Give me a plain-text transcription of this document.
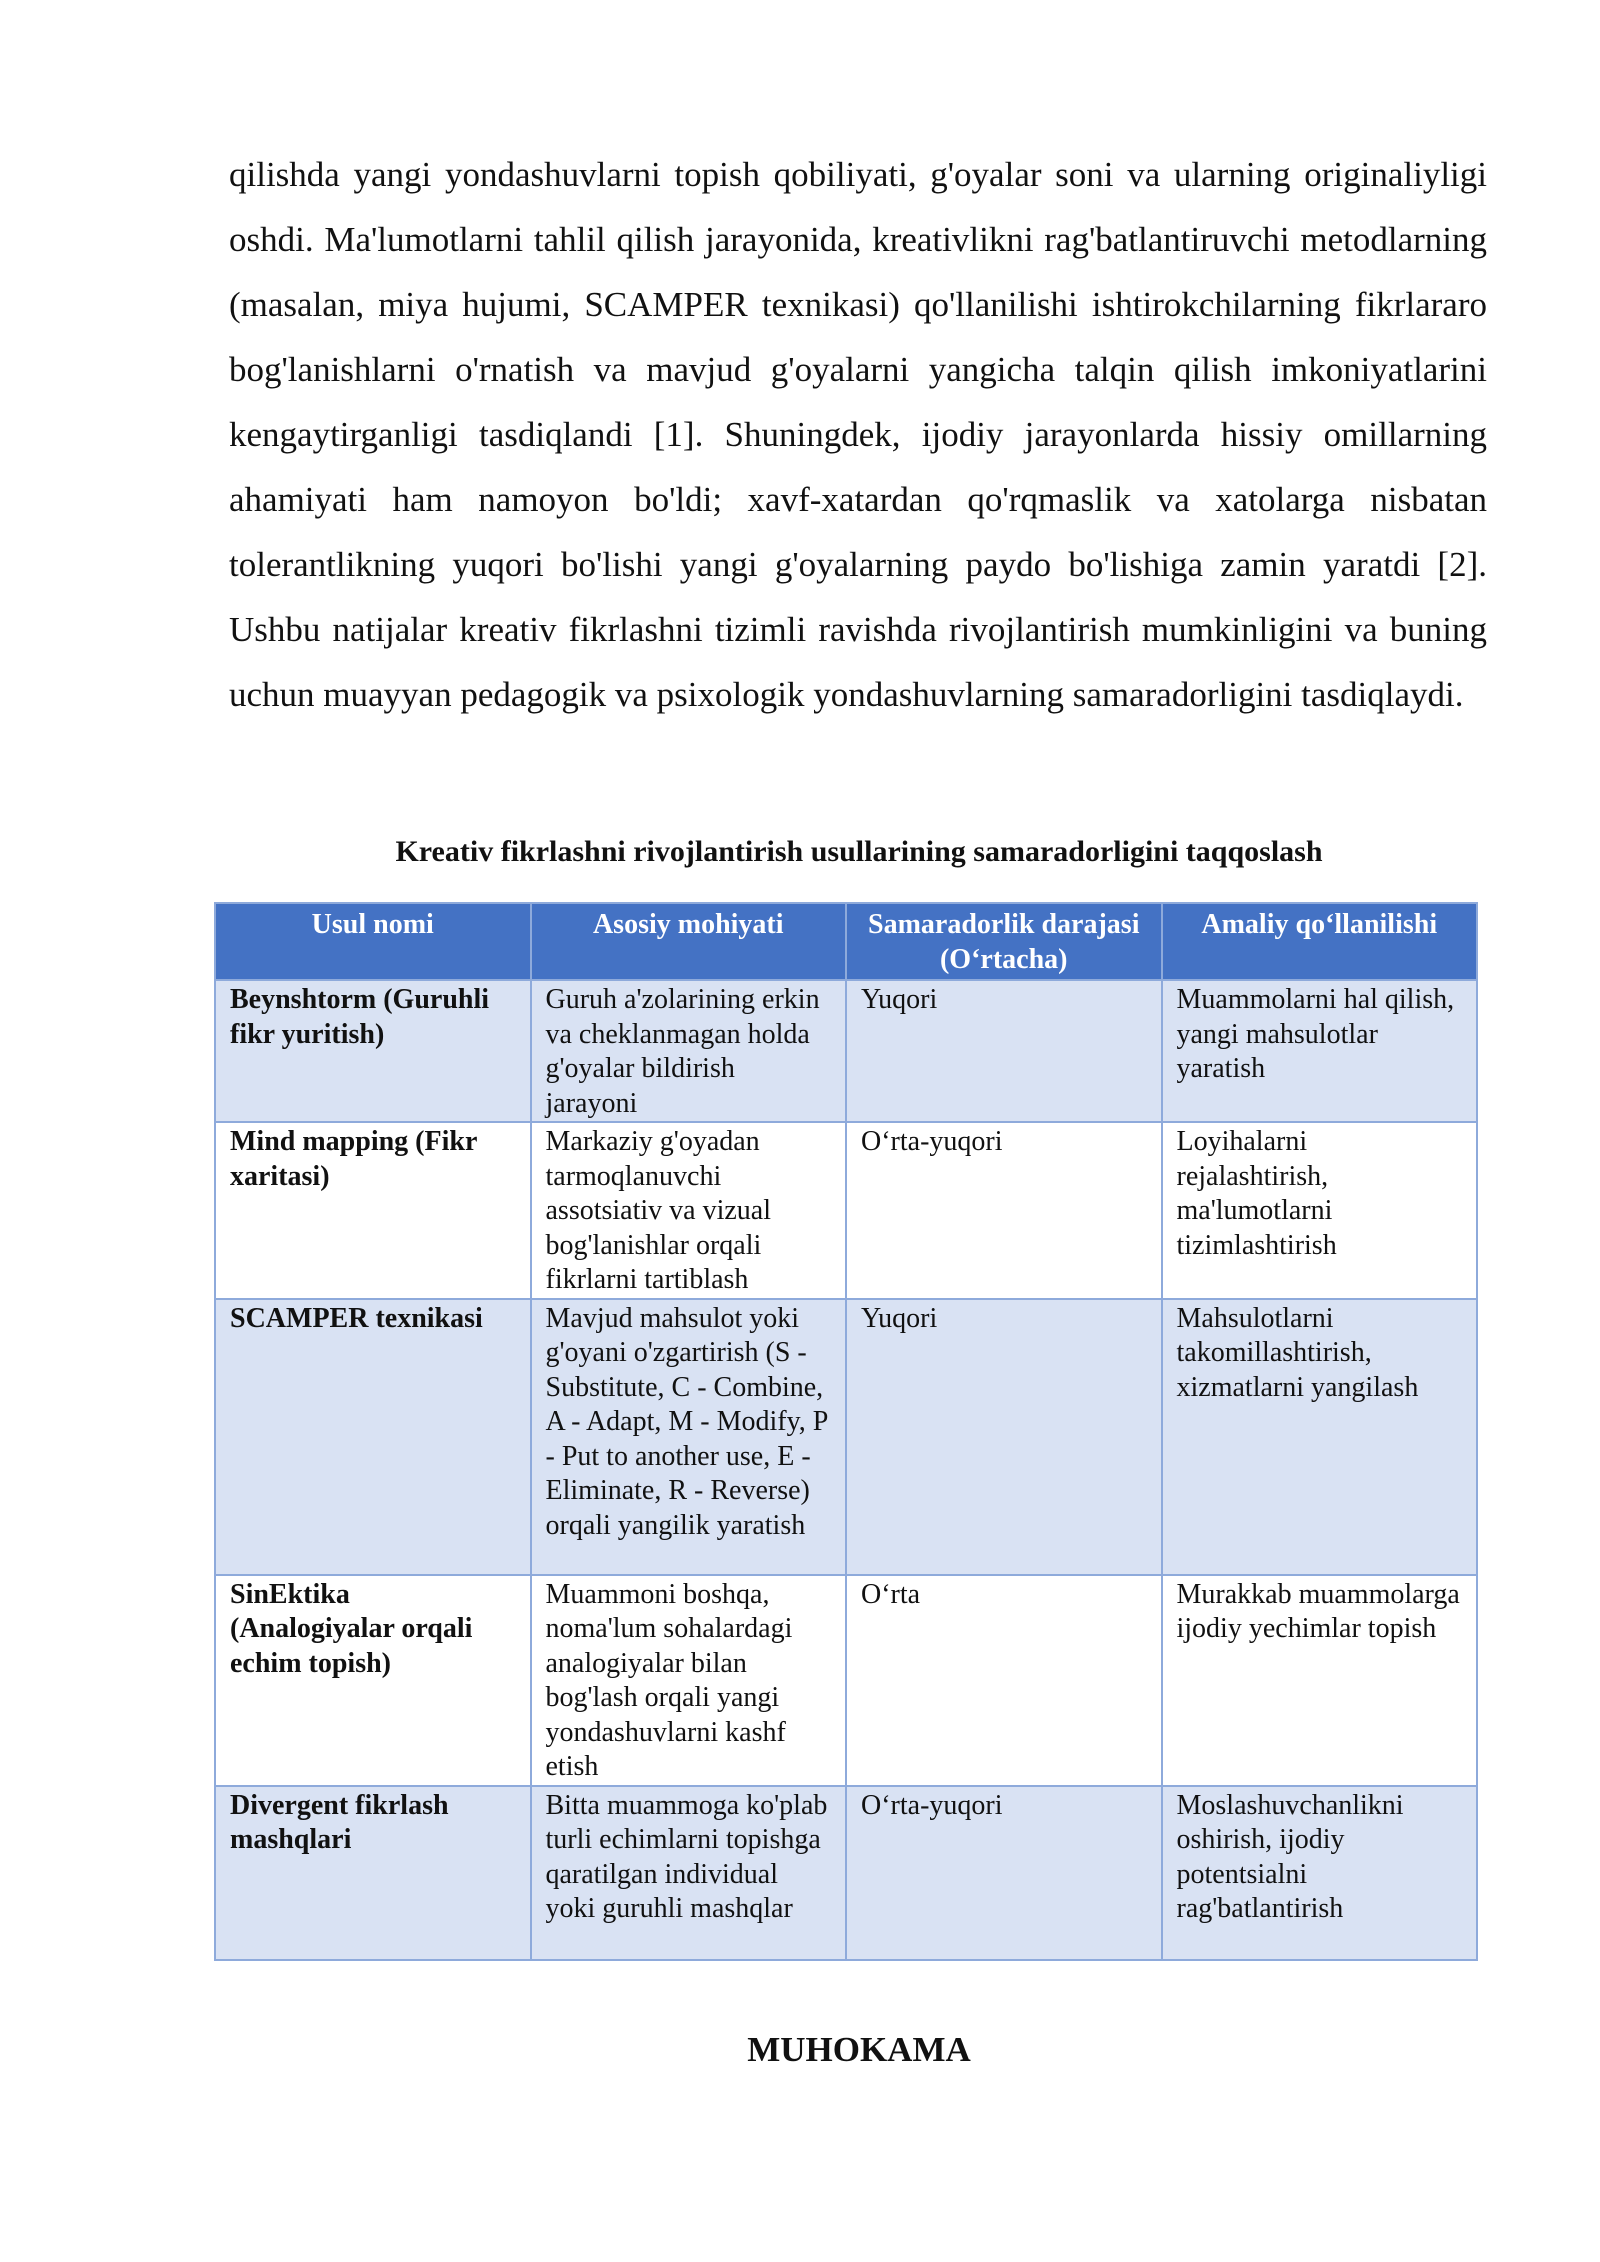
qilishda yangi yondashuvlarni topish qobiliyati, g'oyalar soni va ularning originaliyligi oshdi. Ma'lumotlarni tahlil qilish jarayonida, kreativlikni rag'batlantiruvchi metodlarning (masalan, miya hujumi, SCAMPER texnikasi) qo'llanilishi ishtirokchilarning fikrlararo bog'lanishlarni o'rnatish va mavjud g'oyalarni yangicha talqin qilish imkoniyatlarini kengaytirganligi tasdiqlandi [1]. Shuningdek, ijodiy jarayonlarda hissiy omillarning ahamiyati ham namoyon bo'ldi; xavf-xatardan qo'rqmaslik va xatolarga nisbatan tolerantlikning yuqori bo'lishi yangi g'oyalarning paydo bo'lishiga zamin yaratdi [2]. Ushbu natijalar kreativ fikrlashni tizimli ravishda rivojlantirish mumkinligini va buning uchun muayyan pedagogik va psixologik yondashuvlarning samaradorligini tasdiqlaydi.

Kreativ fikrlashni rivojlantirish usullarining samaradorligini taqqoslash

Usul nomi	Asosiy mohiyati	Samaradorlik darajasi (O‘rtacha)	Amaliy qo‘llanilishi
Beynshtorm (Guruhli fikr yuritish)	Guruh a'zolarining erkin va cheklanmagan holda g'oyalar bildirish jarayoni	Yuqori	Muammolarni hal qilish, yangi mahsulotlar yaratish
Mind mapping (Fikr xaritasi)	Markaziy g'oyadan tarmoqlanuvchi assotsiativ va vizual bog'lanishlar orqali fikrlarni tartiblash	O‘rta-yuqori	Loyihalarni rejalashtirish, ma'lumotlarni tizimlashtirish
SCAMPER texnikasi	Mavjud mahsulot yoki g'oyani o'zgartirish (S - Substitute, C - Combine, A - Adapt, M - Modify, P - Put to another use, E - Eliminate, R - Reverse) orqali yangilik yaratish	Yuqori	Mahsulotlarni takomillashtirish, xizmatlarni yangilash
SinEktika (Analogiyalar orqali echim topish)	Muammoni boshqa, noma'lum sohalardagi analogiyalar bilan bog'lash orqali yangi yondashuvlarni kashf etish	O‘rta	Murakkab muammolarga ijodiy yechimlar topish
Divergent fikrlash mashqlari	Bitta muammoga ko'plab turli echimlarni topishga qaratilgan individual yoki guruhli mashqlar	O‘rta-yuqori	Moslashuvchanlikni oshirish, ijodiy potentsialni rag'batlantirish
MUHOKAMA
